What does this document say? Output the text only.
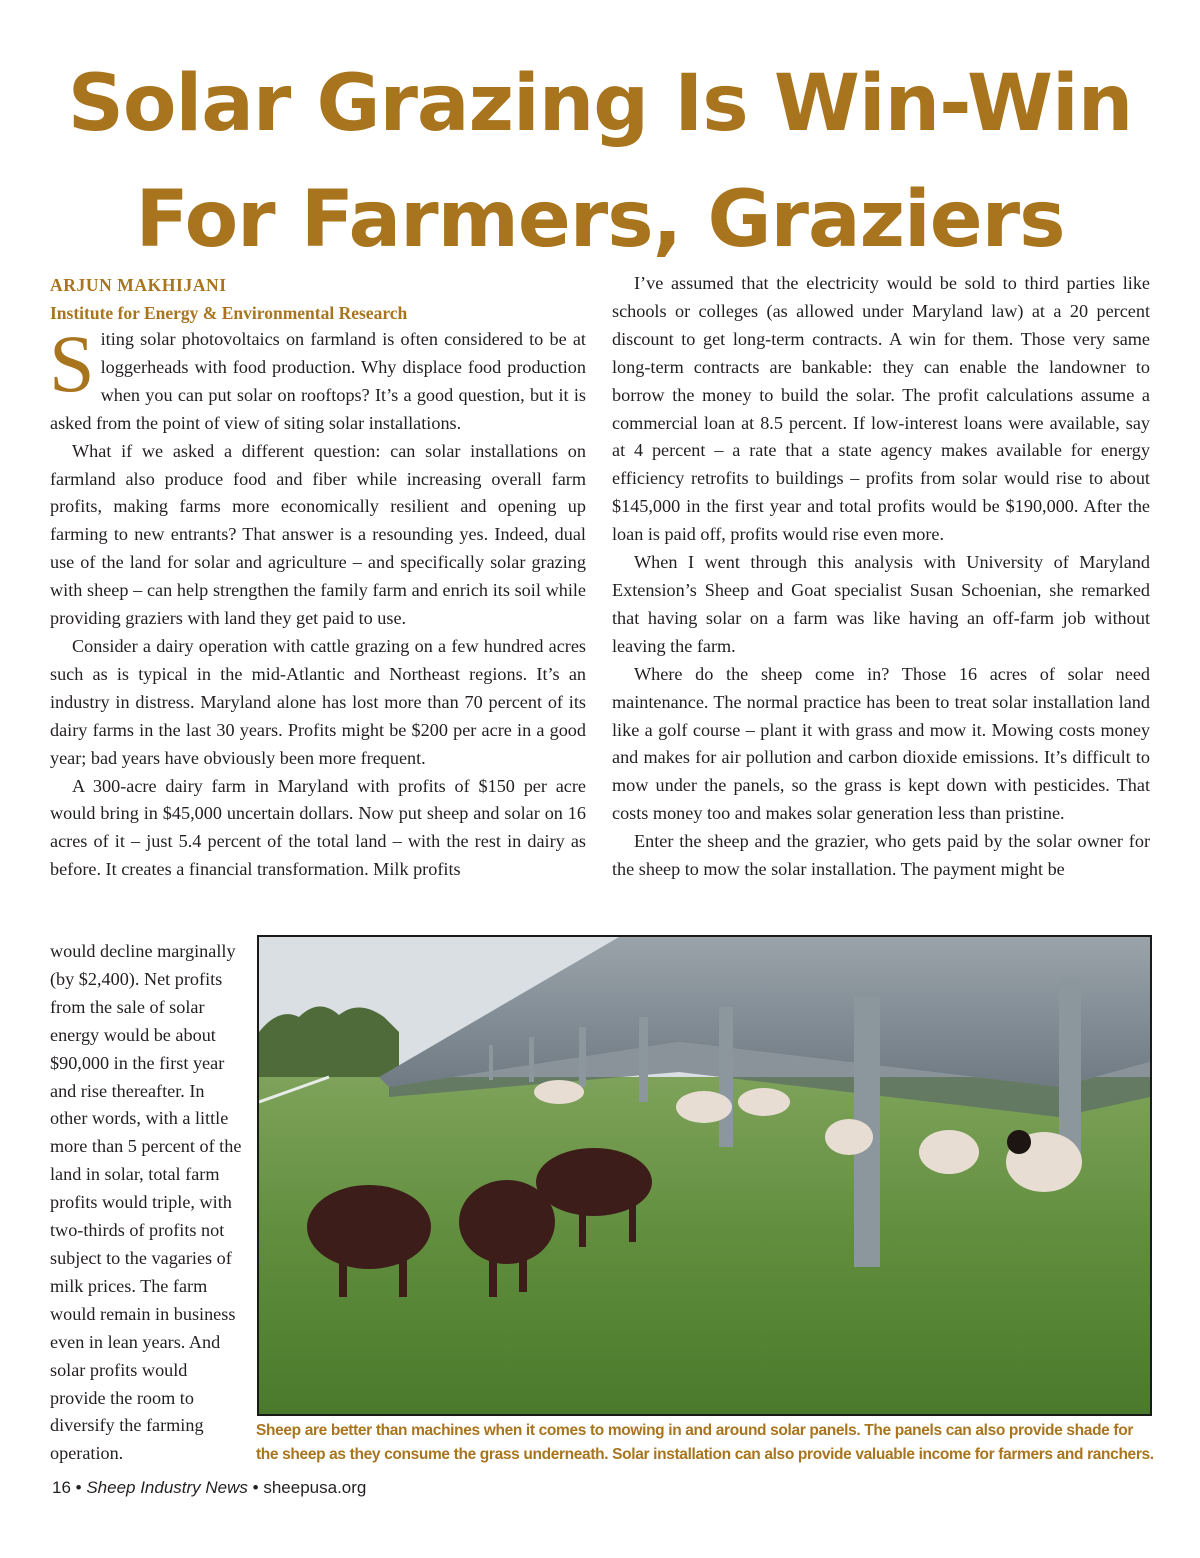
Solar Grazing Is Win-Win
For Farmers, Graziers
ARJUN MAKHIJANI
Institute for Energy & Environmental Research

Siting solar photovoltaics on farmland is often considered to be at loggerheads with food production. Why displace food production when you can put solar on rooftops? It’s a good question, but it is asked from the point of view of siting solar installations.

What if we asked a different question: can solar installations on farmland also produce food and fiber while increasing overall farm profits, making farms more economically resilient and opening up farming to new entrants? That answer is a resounding yes. Indeed, dual use of the land for solar and agriculture – and specifically solar grazing with sheep – can help strengthen the family farm and enrich its soil while providing graziers with land they get paid to use.

Consider a dairy operation with cattle grazing on a few hundred acres such as is typical in the mid-Atlantic and Northeast regions. It’s an industry in distress. Maryland alone has lost more than 70 percent of its dairy farms in the last 30 years. Profits might be $200 per acre in a good year; bad years have obviously been more frequent.

A 300-acre dairy farm in Maryland with profits of $150 per acre would bring in $45,000 uncertain dollars. Now put sheep and solar on 16 acres of it – just 5.4 percent of the total land – with the rest in dairy as before. It creates a financial transformation. Milk profits

would decline marginally (by $2,400). Net profits from the sale of solar energy would be about $90,000 in the first year and rise thereafter. In other words, with a little more than 5 percent of the land in solar, total farm profits would triple, with two-thirds of profits not subject to the vagaries of milk prices. The farm would remain in business even in lean years. And solar profits would provide the room to diversify the farming operation.

I’ve assumed that the electricity would be sold to third parties like schools or colleges (as allowed under Maryland law) at a 20 percent discount to get long-term contracts. A win for them. Those very same long-term contracts are bankable: they can enable the landowner to borrow the money to build the solar. The profit calculations assume a commercial loan at 8.5 percent. If low-interest loans were available, say at 4 percent – a rate that a state agency makes available for energy efficiency retrofits to buildings – profits from solar would rise to about $145,000 in the first year and total profits would be $190,000. After the loan is paid off, profits would rise even more.

When I went through this analysis with University of Maryland Extension’s Sheep and Goat specialist Susan Schoenian, she remarked that having solar on a farm was like having an off-farm job without leaving the farm.

Where do the sheep come in? Those 16 acres of solar need maintenance. The normal practice has been to treat solar installation land like a golf course – plant it with grass and mow it. Mowing costs money and makes for air pollution and carbon dioxide emissions. It’s difficult to mow under the panels, so the grass is kept down with pesticides. That costs money too and makes solar generation less than pristine.

Enter the sheep and the grazier, who gets paid by the solar owner for the sheep to mow the solar installation. The payment might be

Sheep are better than machines when it comes to mowing in and around solar panels. The panels can also provide shade for the sheep as they consume the grass underneath. Solar installation can also provide valuable income for farmers and ranchers.
16 • Sheep Industry News • sheepusa.org
